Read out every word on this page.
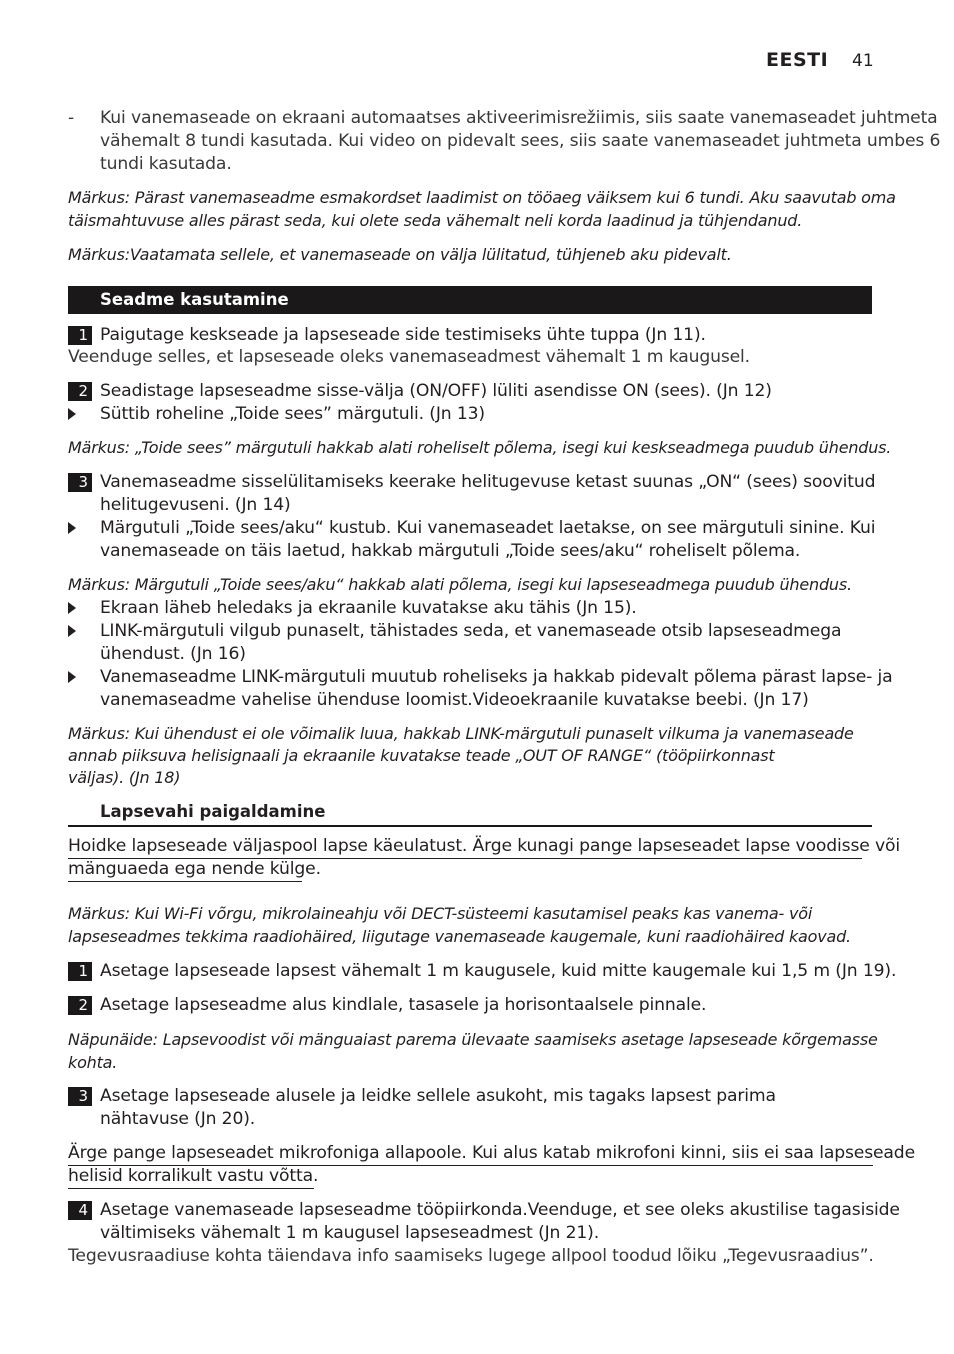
EESTI 41
- Kui vanemaseade on ekraani automaatses aktiveerimisrežiimis, siis saate vanemaseadet juhtmeta
vähemalt 8 tundi kasutada. Kui video on pidevalt sees, siis saate vanemaseadet juhtmeta umbes 6
tundi kasutada.
Märkus: Pärast vanemaseadme esmakordset laadimist on tööaeg väiksem kui 6 tundi. Aku saavutab oma
täismahtuvuse alles pärast seda, kui olete seda vähemalt neli korda laadinud ja tühjendanud.
Märkus:Vaatamata sellele, et vanemaseade on välja lülitatud, tühjeneb aku pidevalt.
Seadme kasutamine
1 Paigutage keskseade ja lapseseade side testimiseks ühte tuppa (Jn 11).
Veenduge selles, et lapseseade oleks vanemaseadmest vähemalt 1 m kaugusel.
2 Seadistage lapseseadme sisse-välja (ON/OFF) lüliti asendisse ON (sees). (Jn 12)
Süttib roheline „Toide sees” märgutuli. (Jn 13)
Märkus: „Toide sees” märgutuli hakkab alati roheliselt põlema, isegi kui keskseadmega puudub ühendus.
3 Vanemaseadme sisselülitamiseks keerake helitugevuse ketast suunas „ON“ (sees) soovitud
helitugevuseni. (Jn 14)
Märgutuli „Toide sees/aku“ kustub. Kui vanemaseadet laetakse, on see märgutuli sinine. Kui
vanemaseade on täis laetud, hakkab märgutuli „Toide sees/aku“ roheliselt põlema.
Märkus: Märgutuli „Toide sees/aku“ hakkab alati põlema, isegi kui lapseseadmega puudub ühendus.
Ekraan läheb heledaks ja ekraanile kuvatakse aku tähis (Jn 15).
LINK-märgutuli vilgub punaselt, tähistades seda, et vanemaseade otsib lapseseadmega
ühendust. (Jn 16)
Vanemaseadme LINK-märgutuli muutub roheliseks ja hakkab pidevalt põlema pärast lapse- ja
vanemaseadme vahelise ühenduse loomist.Videoekraanile kuvatakse beebi. (Jn 17)
Märkus: Kui ühendust ei ole võimalik luua, hakkab LINK-märgutuli punaselt vilkuma ja vanemaseade
annab piiksuva helisignaali ja ekraanile kuvatakse teade „OUT OF RANGE“ (tööpiirkonnast
väljas). (Jn 18)
Lapsevahi paigaldamine
Hoidke lapseseade väljaspool lapse käeulatust. Ärge kunagi pange lapseseadet lapse voodisse või
mänguaeda ega nende külge.
Märkus: Kui Wi-Fi võrgu, mikrolaineahju või DECT-süsteemi kasutamisel peaks kas vanema- või
lapseseadmes tekkima raadiohäired, liigutage vanemaseade kaugemale, kuni raadiohäired kaovad.
1 Asetage lapseseade lapsest vähemalt 1 m kaugusele, kuid mitte kaugemale kui 1,5 m (Jn 19).
2 Asetage lapseseadme alus kindlale, tasasele ja horisontaalsele pinnale.
Näpunäide: Lapsevoodist või mänguaiast parema ülevaate saamiseks asetage lapseseade kõrgemasse
kohta.
3 Asetage lapseseade alusele ja leidke sellele asukoht, mis tagaks lapsest parima
nähtavuse (Jn 20).
Ärge pange lapseseadet mikrofoniga allapoole. Kui alus katab mikrofoni kinni, siis ei saa lapseseade
helisid korralikult vastu võtta.
4 Asetage vanemaseade lapseseadme tööpiirkonda.Veenduge, et see oleks akustilise tagasiside
vältimiseks vähemalt 1 m kaugusel lapseseadmest (Jn 21).
Tegevusraadiuse kohta täiendava info saamiseks lugege allpool toodud lõiku „Tegevusraadius”.
